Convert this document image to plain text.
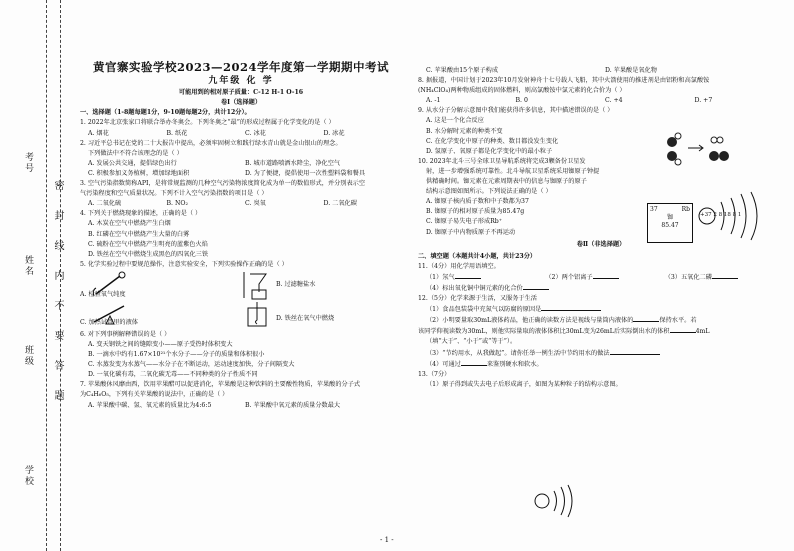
考号
姓名
班级
学校
密
封
线
内
不
要
答
题
黄官寨实验学校2023—2024学年度第一学期期中考试
九年级 化 学
可能用到的相对原子质量：C-12 H-1 O-16
卷Ⅰ（选择题）
一、选择题（1-8题每题1分，9-10题每题2分，共计12分）。
1. 2022年北京张家口将联合举办冬奥会。下列冬奥之“最”的形成过程属于化学变化的是（ ）
A. 烟花	B. 纸花	C. 冰花	D. 冰花
2. 习近平总书记在党的二十大报告中提出，必须牢固树立和践行绿水青山就是金山银山的理念。
下列做法中不符合该理念的是（ ）
A. 发展公共交通，提倡绿色出行	B. 城市道路喷洒水降尘，净化空气
C. 积极参加义务植树，增加绿地面积	D. 为了便捷，提倡使用一次性塑料袋和餐具
3. 空气污染指数简称API，是将常规监测的几种空气污染物浓度简化成为单一的数值形式，并分别表示空
气污染程度和空气质量状况。下列不计入空气污染指数的项目是（ ）
A. 二氧化硫	B. NO₂	C. 臭氧	D. 二氧化碳
4. 下列关于燃烧现象的描述，正确的是（ ）
A. 木炭在空气中燃烧产生白烟
B. 红磷在空气中燃烧产生大量的白雾
C. 硫粉在空气中燃烧产生明亮的蓝紫色火焰
D. 铁丝在空气中燃烧生成黑色的四氧化三铁
5. 化学实验过程中要规范操作，注意实验安全，下列实验操作正确的是（ ）
A. 检验氧气纯度
B. 过滤糖盐水
C. 加热试管里的液体
D. 铁丝在氧气中燃烧
6. 对下列事例解释错误的是（ ）
A. 变天钢铁之间的缝隙变小——原子受热时体积变大
B. 一滴水中约有1.67×10²¹个水分子——分子的质量和体积很小
C. 水蒸发变为水蒸气——水分子在不断运动，运动速度加快，分子间隔变大
D. 一氧化碳有毒，二氧化碳无毒——不同种类的分子性质不同
7. 苹果酸休风靡由西，饮用苹果醋可以促进消化，苹果酸是这种饮料的主要酸性物质，苹果酸的分子式
为C₄H₆O₅，下列有关苹果酸的说法中，正确的是（ ）
A. 苹果酸中碳、氢、氧元素的质量比为4:6:5	B. 苹果酸中氧元素的质量分数最大
C. 苹果酸由15个原子构成	D. 苹果酸是氧化物
8. 据报道，中国计划于2023年10月发射神舟十七号载人飞船，其中火箭使用的推进剂是由铝粉和高氯酸铵
(NH₄ClO₄)两种物质组成的固体燃料，则高氯酸铵中氯元素的化合价为（ ）
A. -1	B. 0	C. +4	D. +7
9. 从水分子分解示意图中我们能获得许多信息，其中描述错误的是（ ）
A. 这是一个化合反应
B. 水分解时元素的种类不变
C. 在化学变化中原子的种类、数目都没发生变化
D. 氢原子、氧原子都是化学变化中的最小粒子
10. 2023年北斗三号全球卫星导航系统将完成3颗备份卫星发
射，进一步增强系统可靠性。北斗导航卫星系统采用铷原子钟提
供精确时间。铷元素在元素周期表中的信息与铷原子的原子
结构示意图如图所示。下列说法正确的是（ ）
A. 铷原子核内质子数和中子数都为37
B. 铷原子的相对原子质量为85.47g
C. 铷原子易失电子形成Rb⁺
D. 铷原子中内物质原子不再运动
卷Ⅱ（非选择题）
二、填空题（本题共计4小题，共计23分）
11.（4分）用化学用语填空。
（1）氖气	（2）两个铝离子	（3）五氧化二磷
（4）标出氧化铜中铜元素的化合价
12.（5分）化学来源于生活，又服务于生活
（1）食品包装袋中充氮气以防腐的原因是
（2）小明要量取30mL液体药品，他正确的读数方法是视线与量筒内液体的	保持水平。若
该同学仰视读数为30mL，则他实际量取的液体体积比30mL变为26mL后实际倒出水的体积	4mL
（填“大于”、“小于”或“等于”）。
（3）“节约用水，从我做起”。请你任举一例生活中节约用水的做法
（4）可通过	来鉴别硬水和软水。
13.（7分）
（1）原子得到或失去电子后形成离子，如图为某种粒子的结构示意图。
37	Rb
铷
85.47
+37 2 8 18 8 1
- 1 -
